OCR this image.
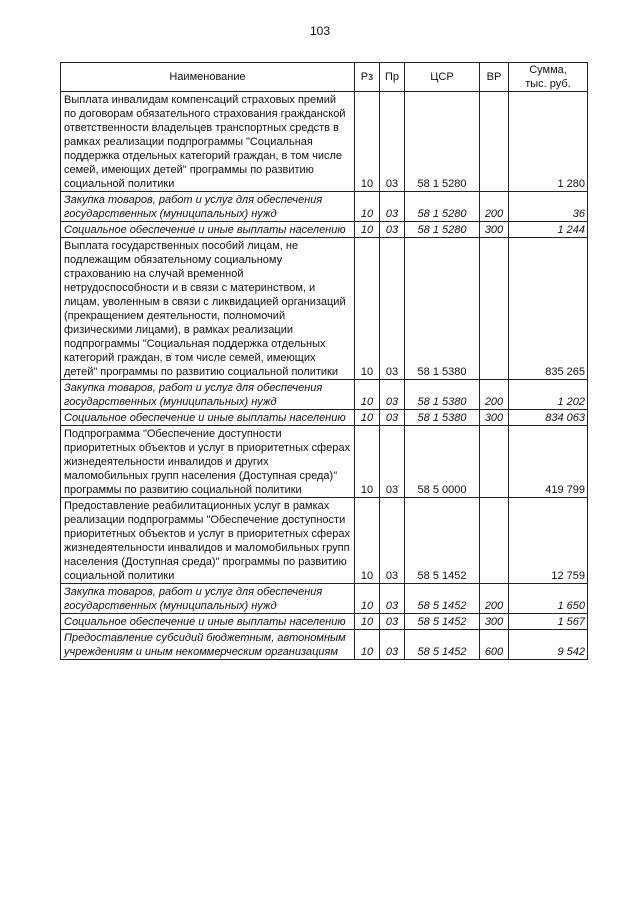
103
Наименование	Рз	Пр	ЦСР	ВР	Сумма,
тыс. руб.

Выплата инвалидам компенсаций страховых премий по договорам обязательного страхования гражданской ответственности владельцев транспортных средств в рамках реализации подпрограммы "Социальная поддержка отдельных категорий граждан, в том числе семей, имеющих детей" программы по развитию социальной политики	10	03	58 1 5280		1 280
Закупка товаров, работ и услуг для обеспечения государственных (муниципальных) нужд	10	03	58 1 5280	200	36
Социальное обеспечение и иные выплаты населению	10	03	58 1 5280	300	1 244
Выплата государственных пособий лицам, не подлежащим обязательному социальному страхованию на случай временной нетрудоспособности и в связи с материнством, и лицам, уволенным в связи с ликвидацией организаций (прекращением деятельности, полномочий физическими лицами), в рамках реализации подпрограммы "Социальная поддержка отдельных категорий граждан, в том числе семей, имеющих детей" программы по развитию социальной политики	10	03	58 1 5380		835 265
Закупка товаров, работ и услуг для обеспечения государственных (муниципальных) нужд	10	03	58 1 5380	200	1 202
Социальное обеспечение и иные выплаты населению	10	03	58 1 5380	300	834 063
Подпрограмма "Обеспечение доступности приоритетных объектов и услуг в приоритетных сферах жизнедеятельности инвалидов и других маломобильных групп населения (Доступная среда)" программы по развитию социальной политики	10	03	58 5 0000		419 799
Предоставление реабилитационных услуг в рамках реализации подпрограммы "Обеспечение доступности приоритетных объектов и услуг в приоритетных сферах жизнедеятельности инвалидов и маломобильных групп населения (Доступная среда)" программы по развитию социальной политики	10	03	58 5 1452		12 759
Закупка товаров, работ и услуг для обеспечения государственных (муниципальных) нужд	10	03	58 5 1452	200	1 650
Социальное обеспечение и иные выплаты населению	10	03	58 5 1452	300	1 567
Предоставление субсидий бюджетным, автономным учреждениям и иным некоммерческим организациям	10	03	58 5 1452	600	9 542
